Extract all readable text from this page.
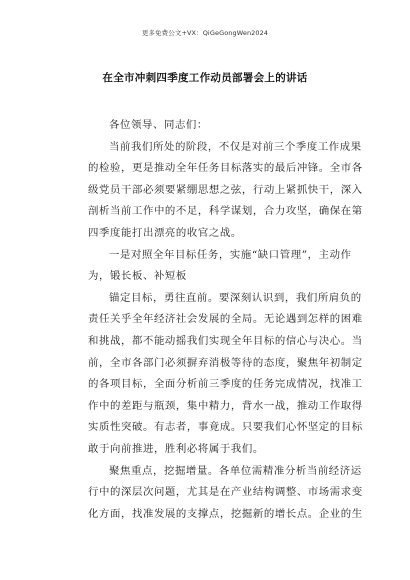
更多免费公文+VX：QiGeGongWen2024
在全市冲刺四季度工作动员部署会上的讲话
各位领导、同志们：
当前我们所处的阶段，不仅是对前三个季度工作成果
的检验，更是推动全年任务目标落实的最后冲锋。全市各
级党员干部必须要紧绷思想之弦，行动上紧抓快干，深入
剖析当前工作中的不足，科学谋划，合力攻坚，确保在第
四季度能打出漂亮的收官之战。
一是对照全年目标任务，实施“缺口管理”，主动作
为，锻长板、补短板
锚定目标，勇往直前。要深刻认识到，我们所肩负的
责任关乎全年经济社会发展的全局。无论遇到怎样的困难
和挑战，都不能动摇我们实现全年目标的信心与决心。当
前，全市各部门必须摒弃消极等待的态度，聚焦年初制定
的各项目标，全面分析前三季度的任务完成情况，找准工
作中的差距与瓶颈，集中精力，背水一战，推动工作取得
实质性突破。有志者，事竟成。只要我们心怀坚定的目标
敢于向前推进，胜利必将属于我们。
聚焦重点，挖掘增量。各单位需精准分析当前经济运
行中的深层次问题，尤其是在产业结构调整、市场需求变
化方面，找准发展的支撑点，挖掘新的增长点。企业的生
